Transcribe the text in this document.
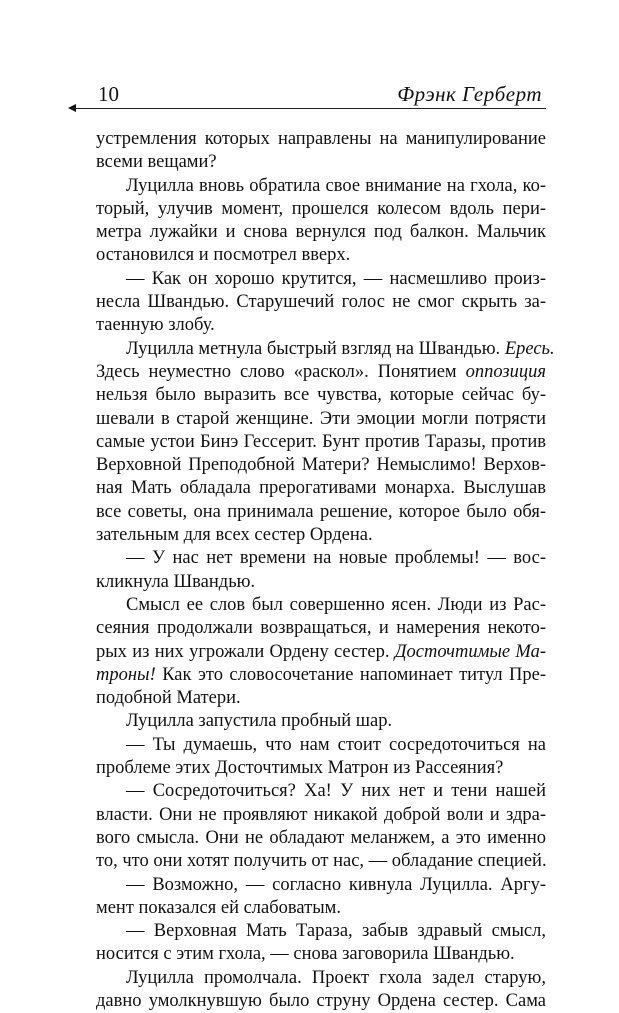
10	Фрэнк Герберт
устремления которых направлены на манипулирование
всеми вещами?
Луцилла вновь обратила свое внимание на гхола, ко-
торый, улучив момент, прошелся колесом вдоль пери-
метра лужайки и снова вернулся под балкон. Мальчик
остановился и посмотрел вверх.
— Как он хорошо крутится, — насмешливо произ-
несла Швандью. Старушечий голос не смог скрыть за-
таенную злобу.
Луцилла метнула быстрый взгляд на Швандью. Ересь.
Здесь неуместно слово «раскол». Понятием оппозиция
нельзя было выразить все чувства, которые сейчас бу-
шевали в старой женщине. Эти эмоции могли потрясти
самые устои Бинэ Гессерит. Бунт против Таразы, против
Верховной Преподобной Матери? Немыслимо! Верхов-
ная Мать обладала прерогативами монарха. Выслушав
все советы, она принимала решение, которое было обя-
зательным для всех сестер Ордена.
— У нас нет времени на новые проблемы! — вос-
кликнула Швандью.
Смысл ее слов был совершенно ясен. Люди из Рас-
сеяния продолжали возвращаться, и намерения некото-
рых из них угрожали Ордену сестер. Досточтимые Ма-
троны! Как это словосочетание напоминает титул Пре-
подобной Матери.
Луцилла запустила пробный шар.
— Ты думаешь, что нам стоит сосредоточиться на
проблеме этих Досточтимых Матрон из Рассеяния?
— Сосредоточиться? Ха! У них нет и тени нашей
власти. Они не проявляют никакой доброй воли и здра-
вого смысла. Они не обладают меланжем, а это именно
то, что они хотят получить от нас, — обладание специей.
— Возможно, — согласно кивнула Луцилла. Аргу-
мент показался ей слабоватым.
— Верховная Мать Тараза, забыв здравый смысл,
носится с этим гхола, — снова заговорила Швандью.
Луцилла промолчала. Проект гхола задел старую,
давно умолкнувшую было струну Ордена сестер. Сама
